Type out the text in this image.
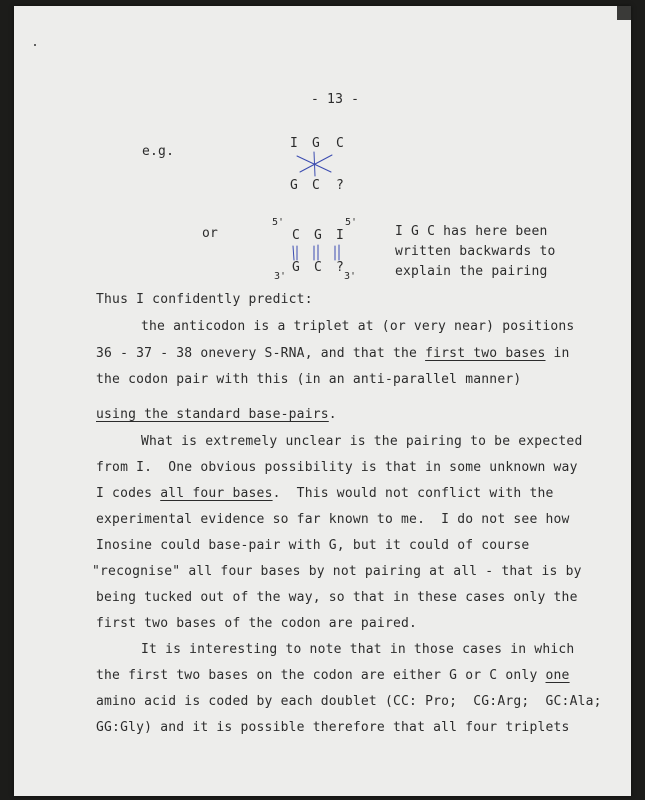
- 13 -
e.g.
I G C
G C ?
or
$^{5'}$
C G I
$^{5'}$
3'
G C ?
3'
I G C has here been
written backwards to
explain the pairing
Thus I confidently predict:
the anticodon is a triplet at (or very near) positions
36 - 37 - 38 onevery S-RNA, and that the first two bases in
the codon pair with this (in an anti-parallel manner)
using the standard base-pairs.
What is extremely unclear is the pairing to be expected
from I.  One obvious possibility is that in some unknown way
I codes all four bases.  This would not conflict with the
experimental evidence so far known to me.  I do not see how
Inosine could base-pair with G, but it could of course
"recognise" all four bases by not pairing at all - that is by
being tucked out of the way, so that in these cases only the
first two bases of the codon are paired.
It is interesting to note that in those cases in which
the first two bases on the codon are either G or C only one
amino acid is coded by each doublet (CC: Pro;  CG:Arg;  GC:Ala;
GG:Gly) and it is possible therefore that all four triplets
